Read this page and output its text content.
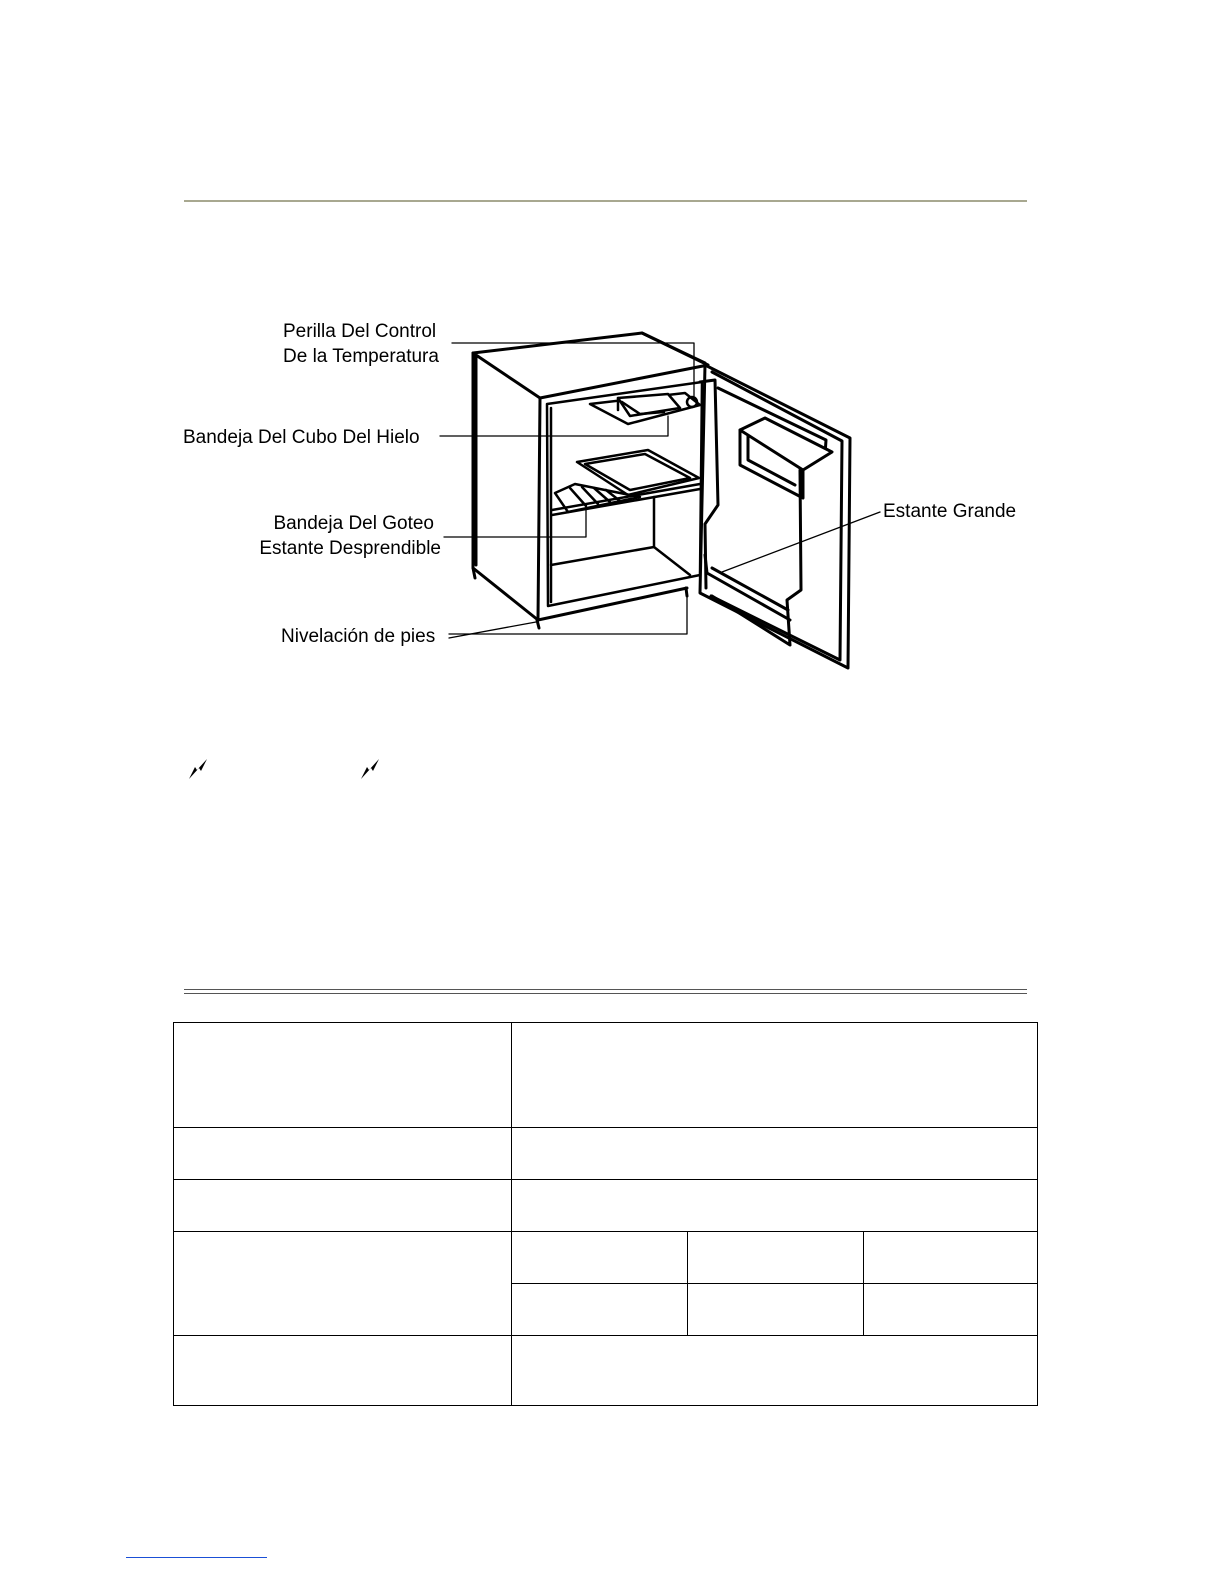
Perilla Del Control
De la Temperatura
Bandeja Del Cubo Del Hielo
Bandeja Del Goteo
Estante Desprendible
Nivelación de pies
Estante Grande
